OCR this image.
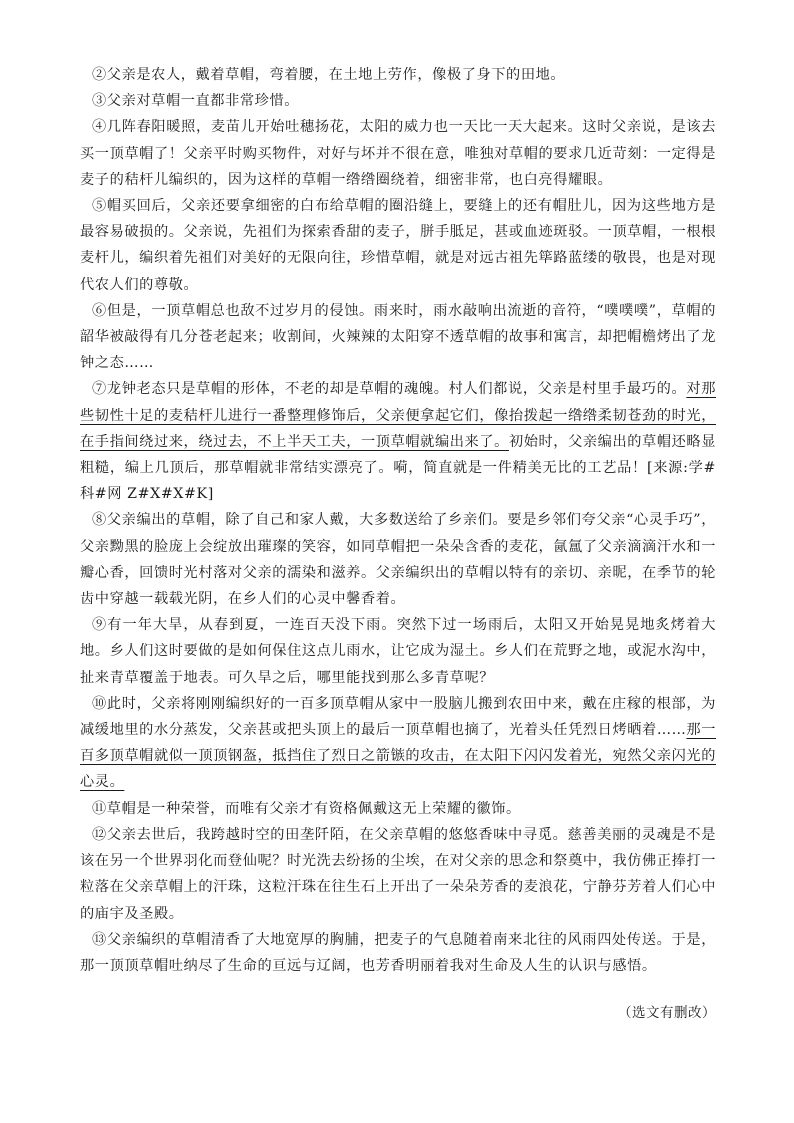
②父亲是农人，戴着草帽，弯着腰，在土地上劳作，像极了身下的田地。

③父亲对草帽一直都非常珍惜。

④几阵春阳暖照，麦苗儿开始吐穗扬花，太阳的威力也一天比一天大起来。这时父亲说，是该去买一顶草帽了！父亲平时购买物件，对好与坏并不很在意，唯独对草帽的要求几近苛刻：一定得是麦子的秸杆儿编织的，因为这样的草帽一绺绺圈绕着，细密非常，也白亮得耀眼。

⑤帽买回后，父亲还要拿细密的白布给草帽的圈沿缝上，要缝上的还有帽肚儿，因为这些地方是最容易破损的。父亲说，先祖们为探索香甜的麦子，胼手胝足，甚或血迹斑驳。一顶草帽，一根根麦杆儿，编织着先祖们对美好的无限向往，珍惜草帽，就是对远古祖先筚路蓝缕的敬畏，也是对现代农人们的尊敬。

⑥但是，一顶草帽总也敌不过岁月的侵蚀。雨来时，雨水敲响出流逝的音符，“噗噗噗”，草帽的韶华被敲得有几分苍老起来；收割间，火辣辣的太阳穿不透草帽的故事和寓言，却把帽檐烤出了龙钟之态……

⑦龙钟老态只是草帽的形体，不老的却是草帽的魂魄。村人们都说，父亲是村里手最巧的。对那些韧性十足的麦秸杆儿进行一番整理修饰后，父亲便拿起它们，像抬拨起一绺绺柔韧苍劲的时光，在手指间绕过来，绕过去，不上半天工夫，一顶草帽就编出来了。初始时，父亲编出的草帽还略显粗糙，编上几顶后，那草帽就非常结实漂亮了。嗬，简直就是一件精美无比的工艺品！[来源:学#科#网 Z#X#X#K]

⑧父亲编出的草帽，除了自己和家人戴，大多数送给了乡亲们。要是乡邻们夸父亲“心灵手巧”，父亲黝黑的脸庞上会绽放出璀璨的笑容，如同草帽把一朵朵含香的麦花，氤氲了父亲滴滴汗水和一瓣心香，回馈时光村落对父亲的濡染和滋养。父亲编织出的草帽以特有的亲切、亲昵，在季节的轮齿中穿越一载载光阴，在乡人们的心灵中馨香着。

⑨有一年大旱，从春到夏，一连百天没下雨。突然下过一场雨后，太阳又开始晃晃地炙烤着大地。乡人们这时要做的是如何保住这点儿雨水，让它成为湿土。乡人们在荒野之地，或泥水沟中，扯来青草覆盖于地表。可久旱之后，哪里能找到那么多青草呢？

⑩此时，父亲将刚刚编织好的一百多顶草帽从家中一股脑儿搬到农田中来，戴在庄稼的根部，为减缓地里的水分蒸发，父亲甚或把头顶上的最后一顶草帽也摘了，光着头任凭烈日烤晒着……那一百多顶草帽就似一顶顶钢盔，抵挡住了烈日之箭镞的攻击，在太阳下闪闪发着光，宛然父亲闪光的心灵。

⑪草帽是一种荣誉，而唯有父亲才有资格佩戴这无上荣耀的徽饰。

⑫父亲去世后，我跨越时空的田垄阡陌，在父亲草帽的悠悠香味中寻觅。慈善美丽的灵魂是不是该在另一个世界羽化而登仙呢？时光洗去纷扬的尘埃，在对父亲的思念和祭奠中，我仿佛正捧打一粒落在父亲草帽上的汗珠，这粒汗珠在往生石上开出了一朵朵芳香的麦浪花，宁静芬芳着人们心中的庙宇及圣殿。

⑬父亲编织的草帽清香了大地宽厚的胸脯，把麦子的气息随着南来北往的风雨四处传送。于是，那一顶顶草帽吐纳尽了生命的亘远与辽阔，也芳香明丽着我对生命及人生的认识与感悟。

（选文有删改）
